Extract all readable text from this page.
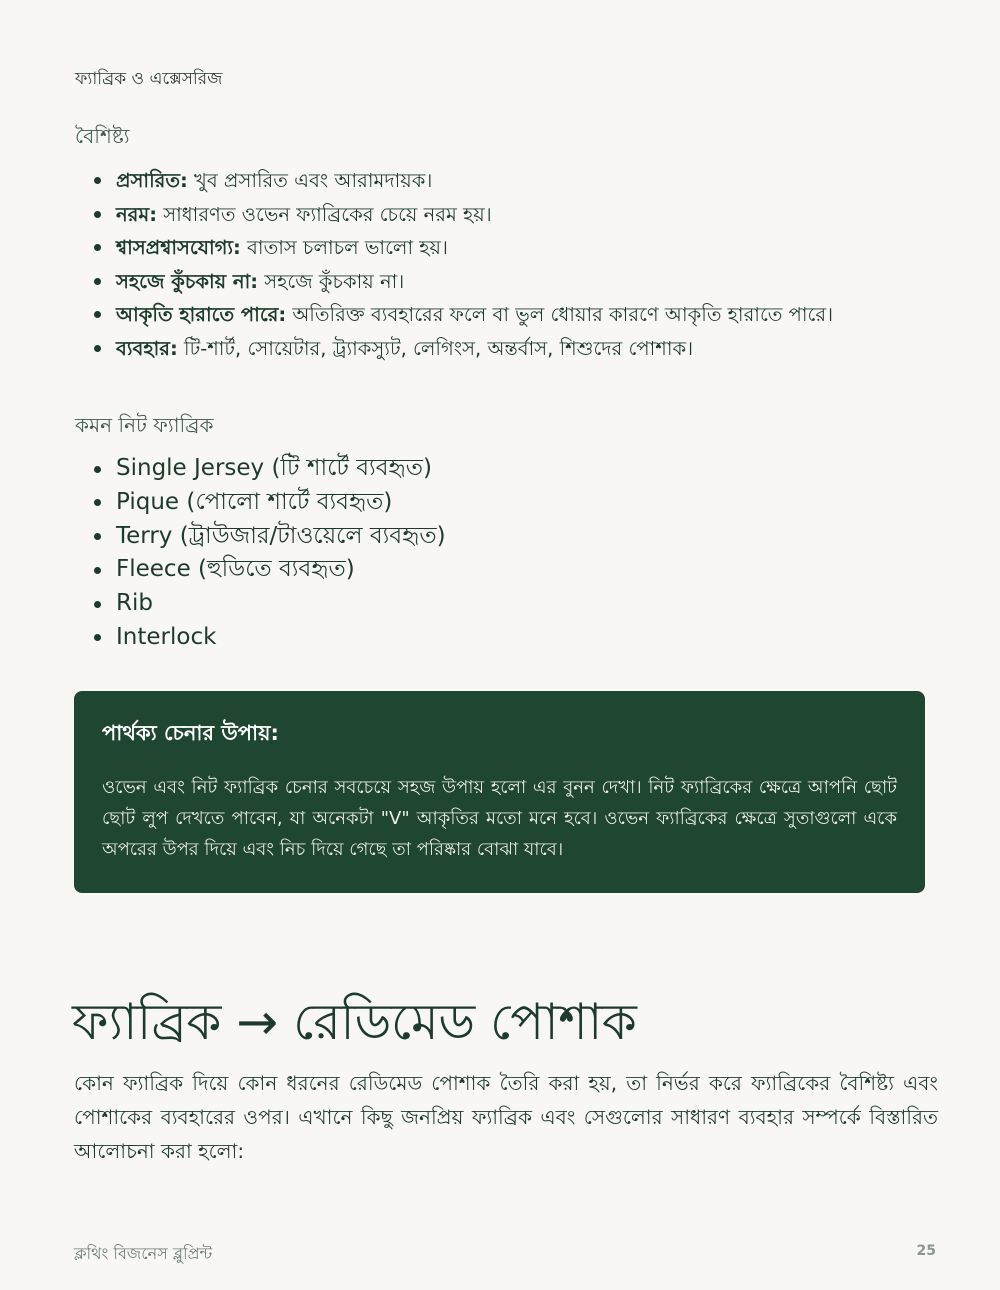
ফ্যাব্রিক ও এক্সেসরিজ
বৈশিষ্ট্য
প্রসারিত: খুব প্রসারিত এবং আরামদায়ক।
নরম: সাধারণত ওভেন ফ্যাব্রিকের চেয়ে নরম হয়।
শ্বাসপ্রশ্বাসযোগ্য: বাতাস চলাচল ভালো হয়।
সহজে কুঁচকায় না: সহজে কুঁচকায় না।
আকৃতি হারাতে পারে: অতিরিক্ত ব্যবহারের ফলে বা ভুল ধোয়ার কারণে আকৃতি হারাতে পারে।
ব্যবহার: টি-শার্ট, সোয়েটার, ট্র্যাকস্যুট, লেগিংস, অন্তর্বাস, শিশুদের পোশাক।
কমন নিট ফ্যাব্রিক
Single Jersey (টি শার্টে ব্যবহৃত)
Pique (পোলো শার্টে ব্যবহৃত)
Terry (ট্রাউজার/টাওয়েলে ব্যবহৃত)
Fleece (হুডিতে ব্যবহৃত)
Rib
Interlock
পার্থক্য চেনার উপায়:
ওভেন এবং নিট ফ্যাব্রিক চেনার সবচেয়ে সহজ উপায় হলো এর বুনন দেখা। নিট ফ্যাব্রিকের ক্ষেত্রে আপনি ছোট ছোট লুপ দেখতে পাবেন, যা অনেকটা "V" আকৃতির মতো মনে হবে। ওভেন ফ্যাব্রিকের ক্ষেত্রে সুতাগুলো একে অপরের উপর দিয়ে এবং নিচ দিয়ে গেছে তা পরিষ্কার বোঝা যাবে।
ফ্যাব্রিক → রেডিমেড পোশাক

কোন ফ্যাব্রিক দিয়ে কোন ধরনের রেডিমেড পোশাক তৈরি করা হয়, তা নির্ভর করে ফ্যাব্রিকের বৈশিষ্ট্য এবং পোশাকের ব্যবহারের ওপর। এখানে কিছু জনপ্রিয় ফ্যাব্রিক এবং সেগুলোর সাধারণ ব্যবহার সম্পর্কে বিস্তারিত আলোচনা করা হলো:

ক্লথিং বিজনেস ব্লুপ্রিন্ট	25
